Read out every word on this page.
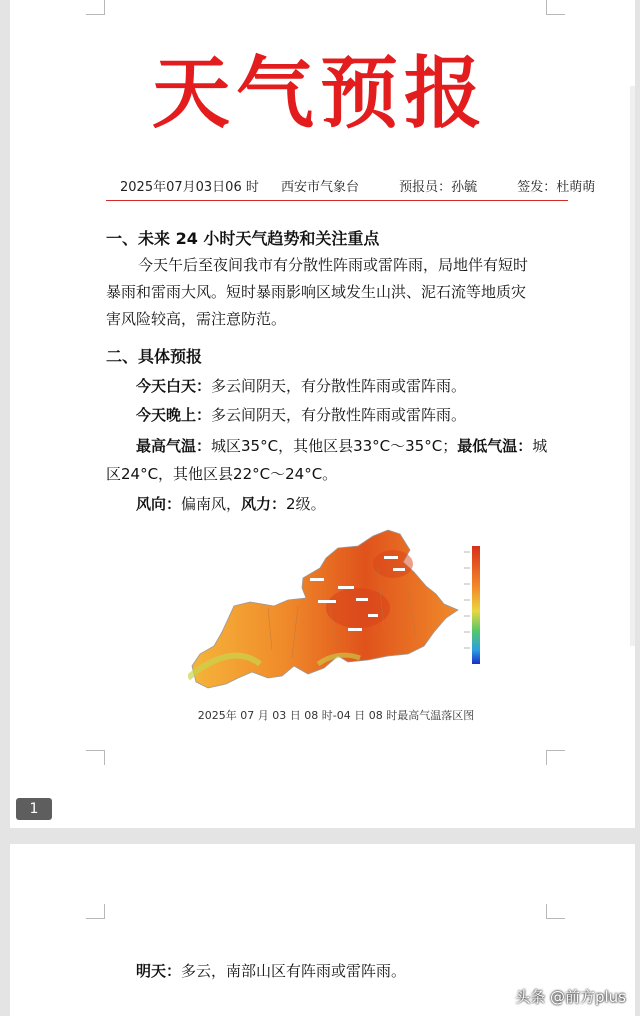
天气预报
2025年07月03日06 时 西安市气象台	预报员：孙毓	签发：杜萌萌
一、未来 24 小时天气趋势和关注重点
今天午后至夜间我市有分散性阵雨或雷阵雨，局地伴有短时暴雨和雷雨大风。短时暴雨影响区域发生山洪、泥石流等地质灾害风险较高，需注意防范。
二、具体预报
今天白天：多云间阴天，有分散性阵雨或雷阵雨。
今天晚上：多云间阴天，有分散性阵雨或雷阵雨。
最高气温：城区35°C，其他区县33°C～35°C；最低气温：城
区24°C，其他区县22°C～24°C。
风向：偏南风，风力：2级。
2025年 07 月 03 日 08 时-04 日 08 时最高气温落区图
1
明天：多云，南部山区有阵雨或雷阵雨。
头条 @前方plus
